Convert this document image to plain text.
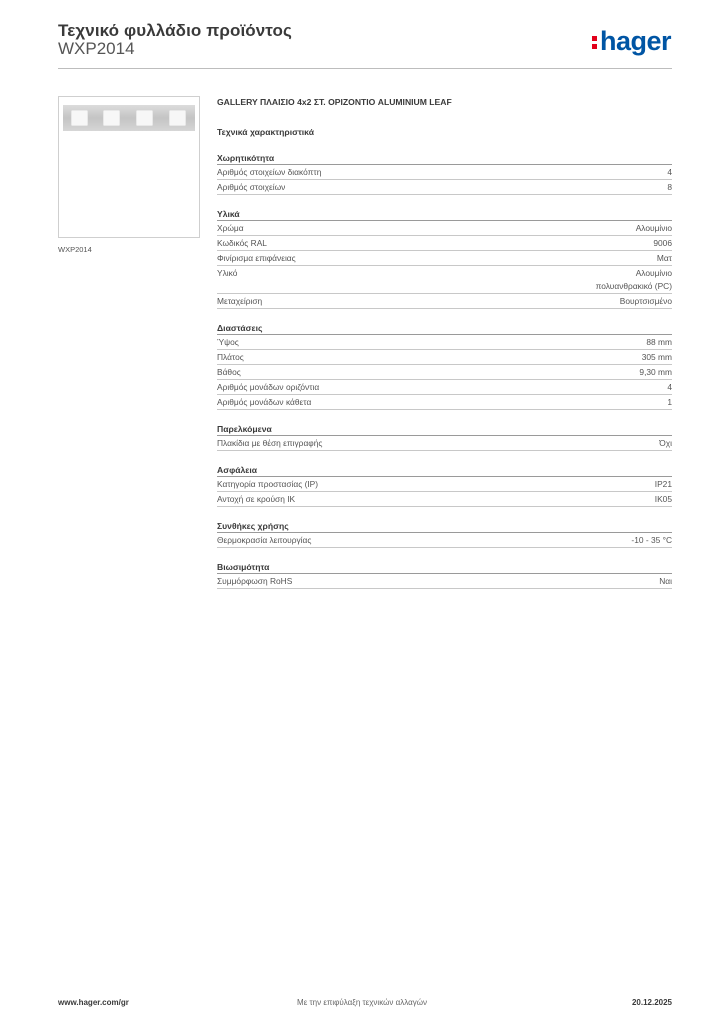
Τεχνικό φυλλάδιο προϊόντος
WXP2014	hager
WXP2014
GALLERY ΠΛΑΙΣΙΟ 4x2 ΣΤ. ΟΡΙΖΟΝΤΙΟ ALUMINIUM LEAF
Τεχνικά χαρακτηριστικά
Χωρητικότητα
Αριθμός στοιχείων διακόπτη	4
Αριθμός στοιχείων	8
Υλικά
Χρώμα	Αλουμίνιο
Κωδικός RAL	9006
Φινίρισμα επιφάνειας	Ματ
Υλικό	Αλουμίνιο
πολυανθρακικό (PC)
Μεταχείριση	Βουρτσισμένο
Διαστάσεις
Ύψος	88 mm
Πλάτος	305 mm
Βάθος	9,30 mm
Αριθμός μονάδων οριζόντια	4
Αριθμός μονάδων κάθετα	1
Παρελκόμενα
Πλακίδια με θέση επιγραφής	Όχι
Ασφάλεια
Κατηγορία προστασίας (IP)	IP21
Αντοχή σε κρούση IK	IK05
Συνθήκες χρήσης
Θερμοκρασία λειτουργίας	-10 - 35 °C
Βιωσιμότητα
Συμμόρφωση RoHS	Ναι
www.hager.com/gr	Με την επιφύλαξη τεχνικών αλλαγών	20.12.2025
